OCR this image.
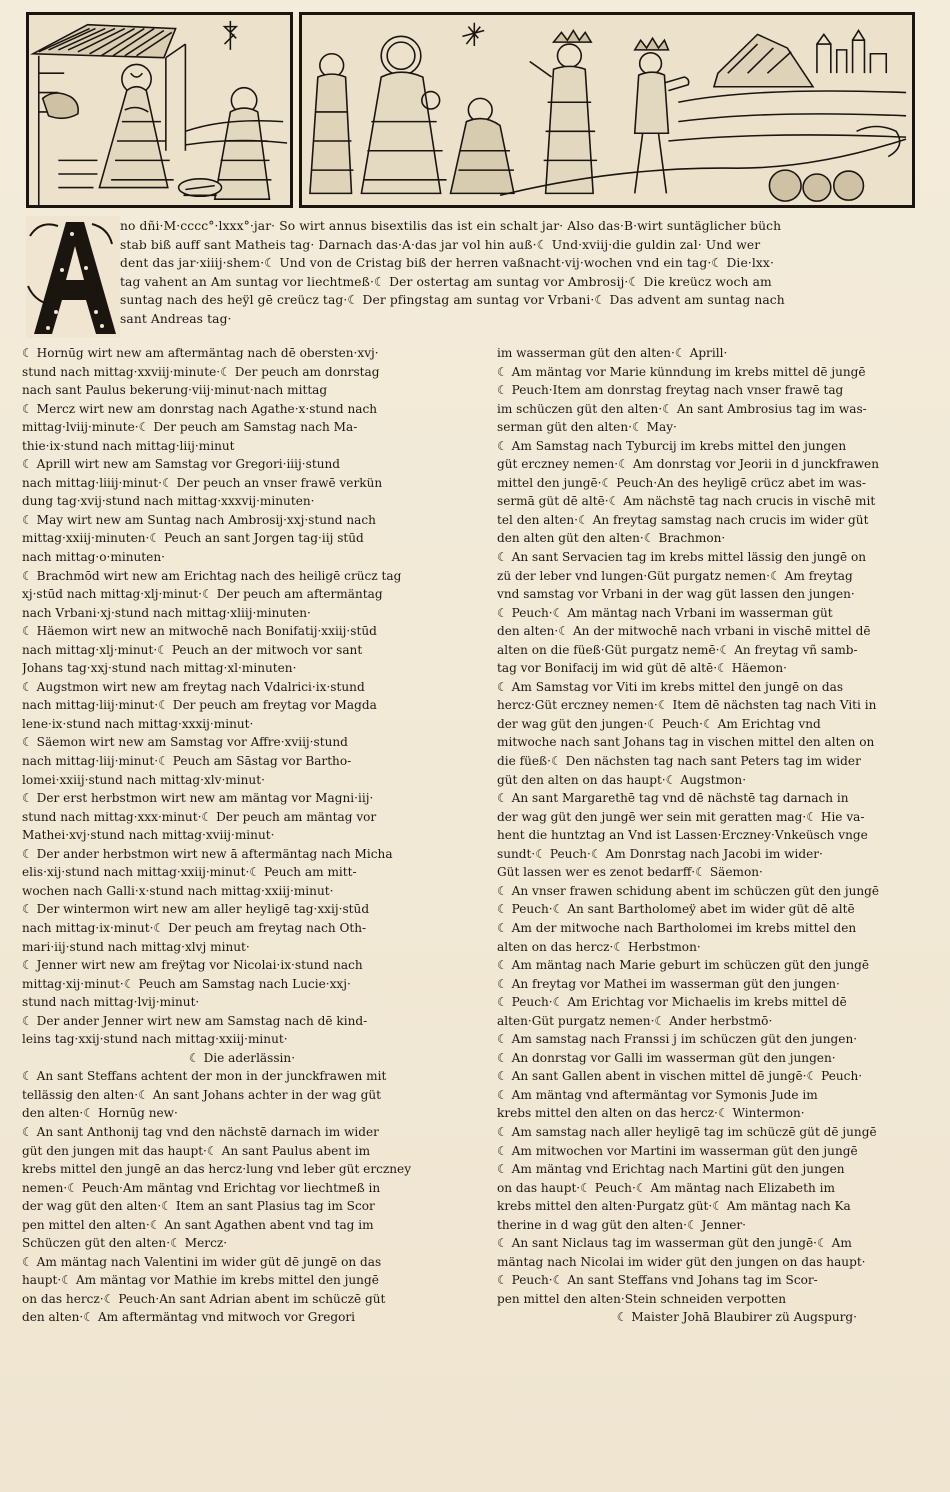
no dñi·M·cccc°·lxxx°·jar· So wirt annus bisextilis das ist ein schalt jar· Also das·B·wirt suntäglicher büch
stab biß auff sant Matheis tag· Darnach das·A·das jar vol hin auß·☾ Und·xviij·die guldin zal· Und wer
dent das jar·xiiij·shem·☾ Und von de Cristag biß der herren vaßnacht·vij·wochen vnd ein tag·☾ Die·lxx·
tag vahent an Am suntag vor liechtmeß·☾ Der ostertag am suntag vor Ambrosij·☾ Die kreücz woch am
suntag nach des heÿl gē creücz tag·☾ Der pfingstag am suntag vor Vrbani·☾ Das advent am suntag nach
sant Andreas tag·
☾ Hornūg wirt new am aftermäntag nach dē obersten·xvj·
stund nach mittag·xxviij·minute·☾ Der peuch am donrstag
nach sant Paulus bekerung·viij·minut·nach mittag
☾ Mercz wirt new am donrstag nach Agathe·x·stund nach
mittag·lviij·minute·☾ Der peuch am Samstag nach Ma-
thie·ix·stund nach mittag·liij·minut
☾ Aprill wirt new am Samstag vor Gregori·iiij·stund
nach mittag·liiij·minut·☾ Der peuch an vnser frawē verkün
dung tag·xvij·stund nach mittag·xxxvij·minuten·
☾ May wirt new am Suntag nach Ambrosij·xxj·stund nach
mittag·xxiij·minuten·☾ Peuch an sant Jorgen tag·iij stūd
nach mittag·o·minuten·
☾ Brachmōd wirt new am Erichtag nach des heiligē crücz tag
xj·stūd nach mittag·xlj·minut·☾ Der peuch am aftermäntag
nach Vrbani·xj·stund nach mittag·xliij·minuten·
☾ Häemon wirt new an mitwochē nach Bonifatij·xxiij·stūd
nach mittag·xlj·minut·☾ Peuch an der mitwoch vor sant
Johans tag·xxj·stund nach mittag·xl·minuten·
☾ Augstmon wirt new am freytag nach Vdalrici·ix·stund
nach mittag·liij·minut·☾ Der peuch am freytag vor Magda
lene·ix·stund nach mittag·xxxij·minut·
☾ Säemon wirt new am Samstag vor Affre·xviij·stund
nach mittag·liij·minut·☾ Peuch am Sāstag vor Bartho-
lomei·xxiij·stund nach mittag·xlv·minut·
☾ Der erst herbstmon wirt new am mäntag vor Magni·iij·
stund nach mittag·xxx·minut·☾ Der peuch am mäntag vor
Mathei·xvj·stund nach mittag·xviij·minut·
☾ Der ander herbstmon wirt new ā aftermäntag nach Micha
elis·xij·stund nach mittag·xxiij·minut·☾ Peuch am mitt-
wochen nach Galli·x·stund nach mittag·xxiij·minut·
☾ Der wintermon wirt new am aller heyligē tag·xxij·stūd
nach mittag·ix·minut·☾ Der peuch am freytag nach Oth-
mari·iij·stund nach mittag·xlvj minut·
☾ Jenner wirt new am freÿtag vor Nicolai·ix·stund nach
mittag·xij·minut·☾ Peuch am Samstag nach Lucie·xxj·
stund nach mittag·lvij·minut·
☾ Der ander Jenner wirt new am Samstag nach dē kind-
leins tag·xxij·stund nach mittag·xxiij·minut·
☾ Die aderlässin·
☾ An sant Steffans achtent der mon in der junckfrawen mit
tellässig den alten·☾ An sant Johans achter in der wag güt
den alten·☾ Hornūg new·
☾ An sant Anthonij tag vnd den nächstē darnach im wider
güt den jungen mit das haupt·☾ An sant Paulus abent im
krebs mittel den jungē an das hercz·lung vnd leber güt erczney
nemen·☾ Peuch·Am mäntag vnd Erichtag vor liechtmeß in
der wag güt den alten·☾ Item an sant Plasius tag im Scor
pen mittel den alten·☾ An sant Agathen abent vnd tag im
Schüczen güt den alten·☾ Mercz·
☾ Am mäntag nach Valentini im wider güt dē jungē on das
haupt·☾ Am mäntag vor Mathie im krebs mittel den jungē
on das hercz·☾ Peuch·An sant Adrian abent im schüczē güt
den alten·☾ Am aftermäntag vnd mitwoch vor Gregori
im wasserman güt den alten·☾ Aprill·
☾ Am mäntag vor Marie künndung im krebs mittel dē jungē
☾ Peuch·Item am donrstag freytag nach vnser frawē tag
im schüczen güt den alten·☾ An sant Ambrosius tag im was-
serman güt den alten·☾ May·
☾ Am Samstag nach Tyburcij im krebs mittel den jungen
güt erczney nemen·☾ Am donrstag vor Jeorii in d junckfrawen
mittel den jungē·☾ Peuch·An des heyligē crücz abet im was-
sermā güt dē altē·☾ Am nächstē tag nach crucis in vischē mit
tel den alten·☾ An freytag samstag nach crucis im wider güt
den alten güt den alten·☾ Brachmon·
☾ An sant Servacien tag im krebs mittel lässig den jungē on
zü der leber vnd lungen·Güt purgatz nemen·☾ Am freytag
vnd samstag vor Vrbani in der wag güt lassen den jungen·
☾ Peuch·☾ Am mäntag nach Vrbani im wasserman güt
den alten·☾ An der mitwochē nach vrbani in vischē mittel dē
alten on die füeß·Güt purgatz nemē·☾ An freytag vñ samb-
tag vor Bonifacij im wid güt dē altē·☾ Häemon·
☾ Am Samstag vor Viti im krebs mittel den jungē on das
hercz·Güt erczney nemen·☾ Item dē nächsten tag nach Viti in
der wag güt den jungen·☾ Peuch·☾ Am Erichtag vnd
mitwoche nach sant Johans tag in vischen mittel den alten on
die füeß·☾ Den nächsten tag nach sant Peters tag im wider
güt den alten on das haupt·☾ Augstmon·
☾ An sant Margarethē tag vnd dē nächstē tag darnach in
der wag güt den jungē wer sein mit geratten mag·☾ Hie va-
hent die huntztag an Vnd ist Lassen·Erczney·Vnkeüsch vnge
sundt·☾ Peuch·☾ Am Donrstag nach Jacobi im wider·
Güt lassen wer es zenot bedarff·☾ Säemon·
☾ An vnser frawen schidung abent im schüczen güt den jungē
☾ Peuch·☾ An sant Bartholomeÿ abet im wider güt dē altē
☾ Am der mitwoche nach Bartholomei im krebs mittel den
alten on das hercz·☾ Herbstmon·
☾ Am mäntag nach Marie geburt im schüczen güt den jungē
☾ An freytag vor Mathei im wasserman güt den jungen·
☾ Peuch·☾ Am Erichtag vor Michaelis im krebs mittel dē
alten·Güt purgatz nemen·☾ Ander herbstmō·
☾ Am samstag nach Franssi j im schüczen güt den jungen·
☾ An donrstag vor Galli im wasserman güt den jungen·
☾ An sant Gallen abent in vischen mittel dē jungē·☾ Peuch·
☾ Am mäntag vnd aftermäntag vor Symonis Jude im
krebs mittel den alten on das hercz·☾ Wintermon·
☾ Am samstag nach aller heyligē tag im schüczē güt dē jungē
☾ Am mitwochen vor Martini im wasserman güt den jungē
☾ Am mäntag vnd Erichtag nach Martini güt den jungen
on das haupt·☾ Peuch·☾ Am mäntag nach Elizabeth im
krebs mittel den alten·Purgatz güt·☾ Am mäntag nach Ka
therine in d wag güt den alten·☾ Jenner·
☾ An sant Niclaus tag im wasserman güt den jungē·☾ Am
mäntag nach Nicolai im wider güt den jungen on das haupt·
☾ Peuch·☾ An sant Steffans vnd Johans tag im Scor-
pen mittel den alten·Stein schneiden verpotten
☾ Maister Johā Blaubirer zü Augspurg·
